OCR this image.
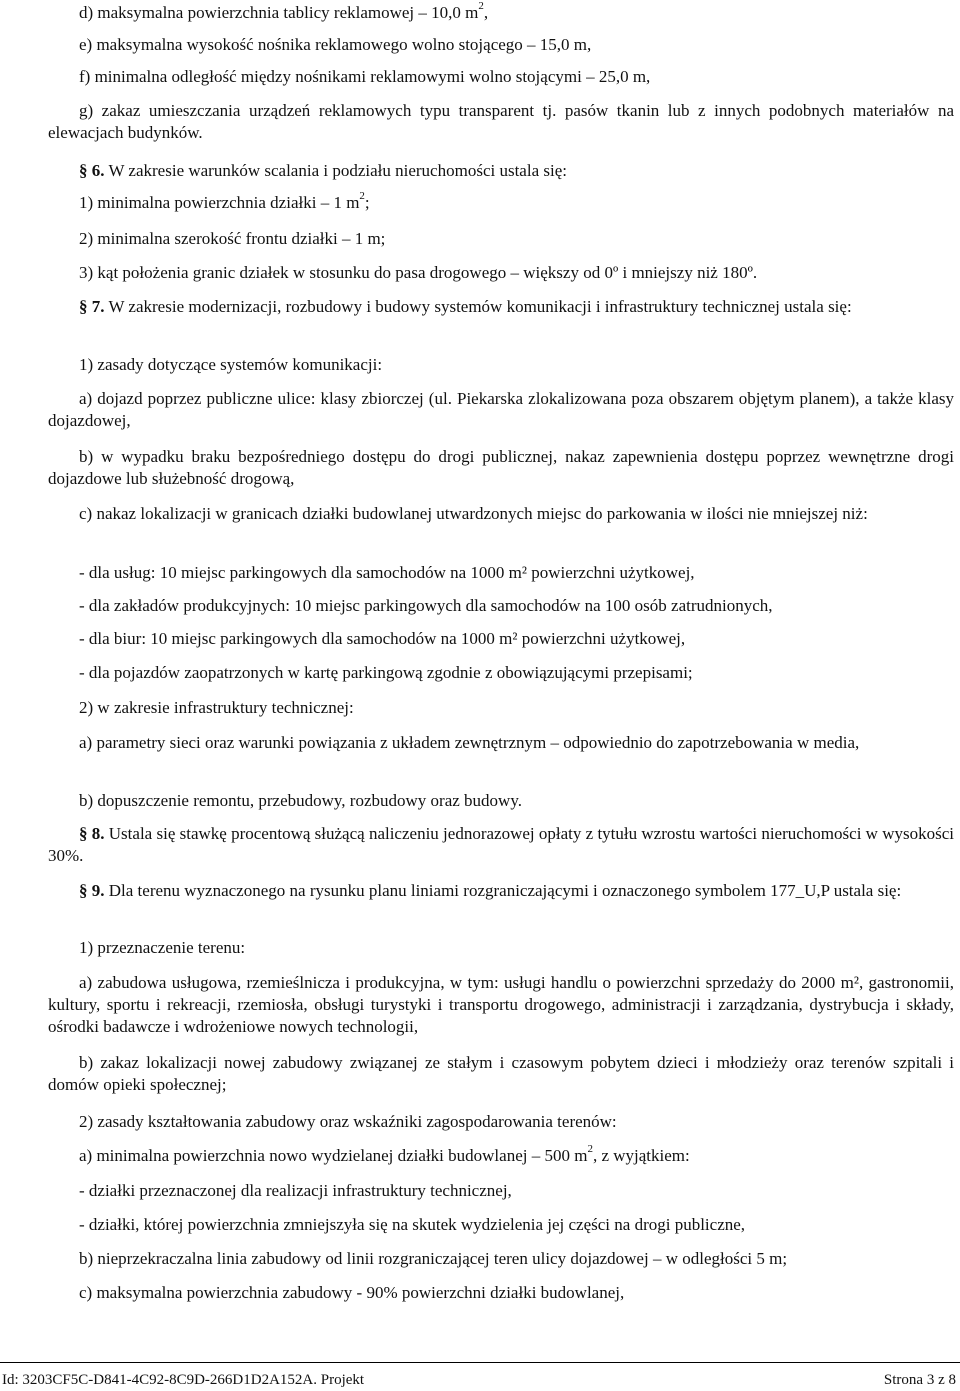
d) maksymalna powierzchnia tablicy reklamowej – 10,0 $m^2$,

e) maksymalna wysokość nośnika reklamowego wolno stojącego – 15,0 m,

f) minimalna odległość między nośnikami reklamowymi wolno stojącymi – 25,0 m,

g) zakaz umieszczania urządzeń reklamowych typu transparent tj. pasów tkanin lub z innych podobnych materiałów na elewacjach budynków.

§ 6. W zakresie warunków scalania i podziału nieruchomości ustala się:

1) minimalna powierzchnia działki – 1 $m^2$;

2) minimalna szerokość frontu działki – 1 m;

3) kąt położenia granic działek w stosunku do pasa drogowego – większy od 0º i mniejszy niż 180º.

§ 7. W zakresie modernizacji, rozbudowy i budowy systemów komunikacji i infrastruktury technicznej ustala się:

1) zasady dotyczące systemów komunikacji:

a) dojazd poprzez publiczne ulice: klasy zbiorczej (ul. Piekarska zlokalizowana poza obszarem objętym planem), a także klasy dojazdowej,

b) w wypadku braku bezpośredniego dostępu do drogi publicznej, nakaz zapewnienia dostępu poprzez wewnętrzne drogi dojazdowe lub służebność drogową,

c) nakaz lokalizacji w granicach działki budowlanej utwardzonych miejsc do parkowania w ilości nie mniejszej niż:

- dla usług: 10 miejsc parkingowych dla samochodów na 1000 m² powierzchni użytkowej,

- dla zakładów produkcyjnych: 10 miejsc parkingowych dla samochodów na 100 osób zatrudnionych,

- dla biur: 10 miejsc parkingowych dla samochodów na 1000 m² powierzchni użytkowej,

- dla pojazdów zaopatrzonych w kartę parkingową zgodnie z obowiązującymi przepisami;

2) w zakresie infrastruktury technicznej:

a) parametry sieci oraz warunki powiązania z układem zewnętrznym – odpowiednio do zapotrzebowania w media,

b) dopuszczenie remontu, przebudowy, rozbudowy oraz budowy.

§ 8. Ustala się stawkę procentową służącą naliczeniu jednorazowej opłaty z tytułu wzrostu wartości nieruchomości w wysokości 30%.

§ 9. Dla terenu wyznaczonego na rysunku planu liniami rozgraniczającymi i oznaczonego symbolem 177_U,P ustala się:

1) przeznaczenie terenu:

a) zabudowa usługowa, rzemieślnicza i produkcyjna, w tym: usługi handlu o powierzchni sprzedaży do 2000 m², gastronomii, kultury, sportu i rekreacji, rzemiosła, obsługi turystyki i transportu drogowego, administracji i zarządzania, dystrybucja i składy, ośrodki badawcze i wdrożeniowe nowych technologii,

b) zakaz lokalizacji nowej zabudowy związanej ze stałym i czasowym pobytem dzieci i młodzieży oraz terenów szpitali i domów opieki społecznej;

2) zasady kształtowania zabudowy oraz wskaźniki zagospodarowania terenów:

a) minimalna powierzchnia nowo wydzielanej działki budowlanej – 500 $m^2$, z wyjątkiem:

- działki przeznaczonej dla realizacji infrastruktury technicznej,

- działki, której powierzchnia zmniejszyła się na skutek wydzielenia jej części na drogi publiczne,

b) nieprzekraczalna linia zabudowy od linii rozgraniczającej teren ulicy dojazdowej – w odległości 5 m;

c) maksymalna powierzchnia zabudowy - 90% powierzchni działki budowlanej,

Id: 3203CF5C-D841-4C92-8C9D-266D1D2A152A. Projekt	Strona 3 z 8
